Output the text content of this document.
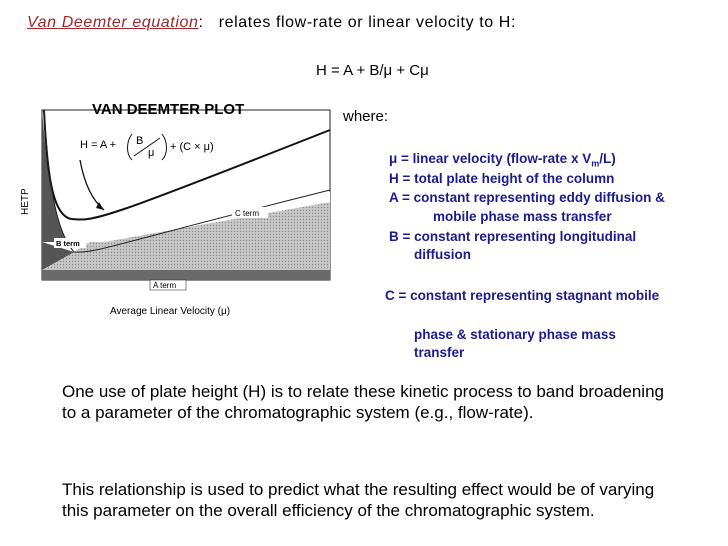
Van Deemter equation: relates flow-rate or linear velocity to H:
H = A + B/μ + Cμ
VAN DEEMTER PLOT
H = A + B
μ + (C × μ)
HETP	C term
B term
A term
Average Linear Velocity (μ)
where:
μ = linear velocity (flow-rate x $V_m/L$)
H = total plate height of the column
A = constant representing eddy diffusion &
mobile phase mass transfer
B = constant representing longitudinal
diffusion
C = constant representing stagnant mobile
phase & stationary phase mass
transfer
One use of plate height (H) is to relate these kinetic process to band broadening to a parameter of the chromatographic system (e.g., flow-rate).
This relationship is used to predict what the resulting effect would be of varying this parameter on the overall efficiency of the chromatographic system.
